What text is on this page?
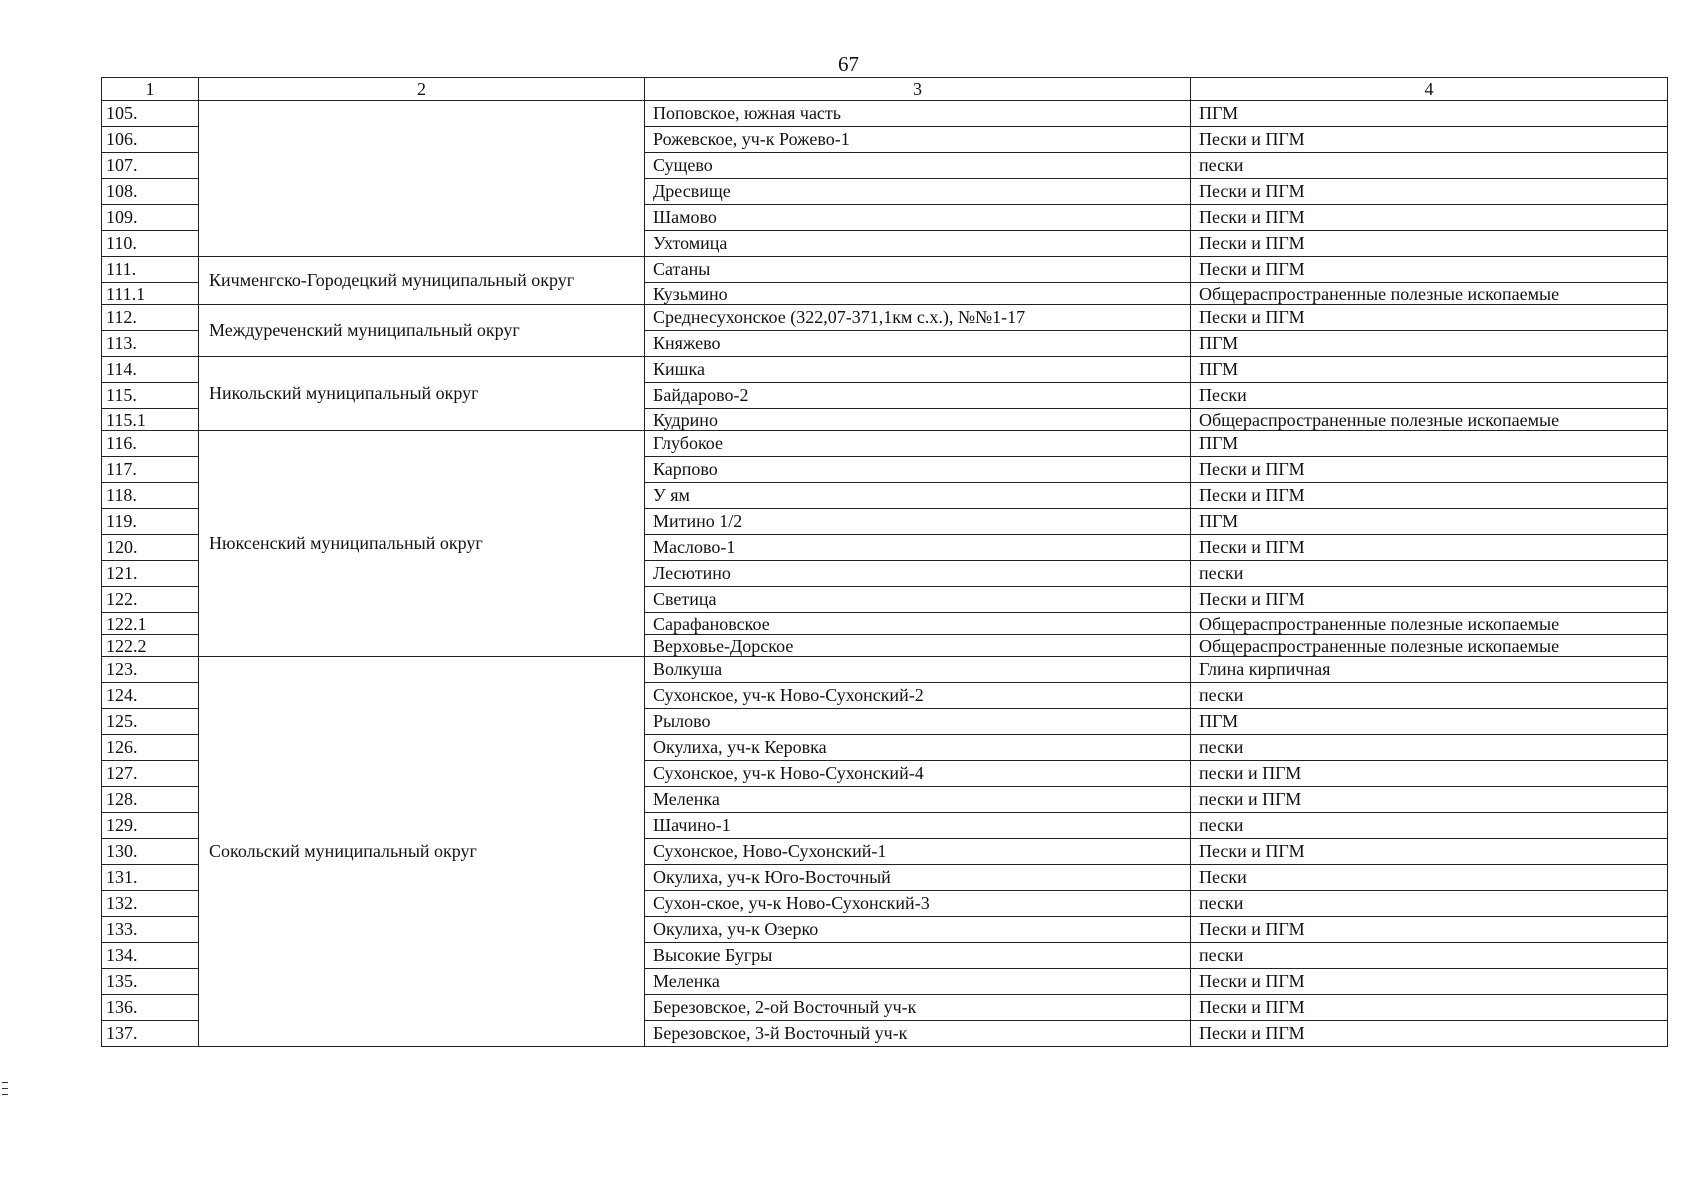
67
1	2	3	4
105.		Поповское, южная часть	ПГМ
106.		Рожевское, уч-к Рожево-1	Пески и ПГМ
107.		Сущево	пески
108.		Дресвище	Пески и ПГМ
109.		Шамово	Пески и ПГМ
110.		Ухтомица	Пески и ПГМ
111.	Кичменгско-Городецкий муниципальный округ	Сатаны	Пески и ПГМ
111.1		Кузьмино	Общераспространенные полезные ископаемые
112.	Междуреченский муниципальный округ	Среднесухонское (322,07-371,1км с.х.), №№1-17	Пески и ПГМ
113.		Княжево	ПГМ
114.	Никольский муниципальный округ	Кишка	ПГМ
115.		Байдарово-2	Пески
115.1		Кудрино	Общераспространенные полезные ископаемые
116.	Нюксенский муниципальный округ	Глубокое	ПГМ
117.		Карпово	Пески и ПГМ
118.		У ям	Пески и ПГМ
119.		Митино 1/2	ПГМ
120.		Маслово-1	Пески и ПГМ
121.		Лесютино	пески
122.		Светица	Пески и ПГМ
122.1		Сарафановское	Общераспространенные полезные ископаемые
122.2		Верховье-Дорское	Общераспространенные полезные ископаемые
123.	Сокольский муниципальный округ	Волкуша	Глина кирпичная
124.		Сухонское, уч-к Ново-Сухонский-2	пески
125.		Рылово	ПГМ
126.		Окулиха, уч-к Керовка	пески
127.		Сухонское, уч-к Ново-Сухонский-4	пески и ПГМ
128.		Меленка	пески и ПГМ
129.		Шачино-1	пески
130.		Сухонское, Ново-Сухонский-1	Пески и ПГМ
131.		Окулиха, уч-к Юго-Восточный	Пески
132.		Сухон-ское, уч-к Ново-Сухонский-3	пески
133.		Окулиха, уч-к Озерко	Пески и ПГМ
134.		Высокие Бугры	пески
135.		Меленка	Пески и ПГМ
136.		Березовское, 2-ой Восточный уч-к	Пески и ПГМ
137.		Березовское, 3-й Восточный уч-к	Пески и ПГМ
